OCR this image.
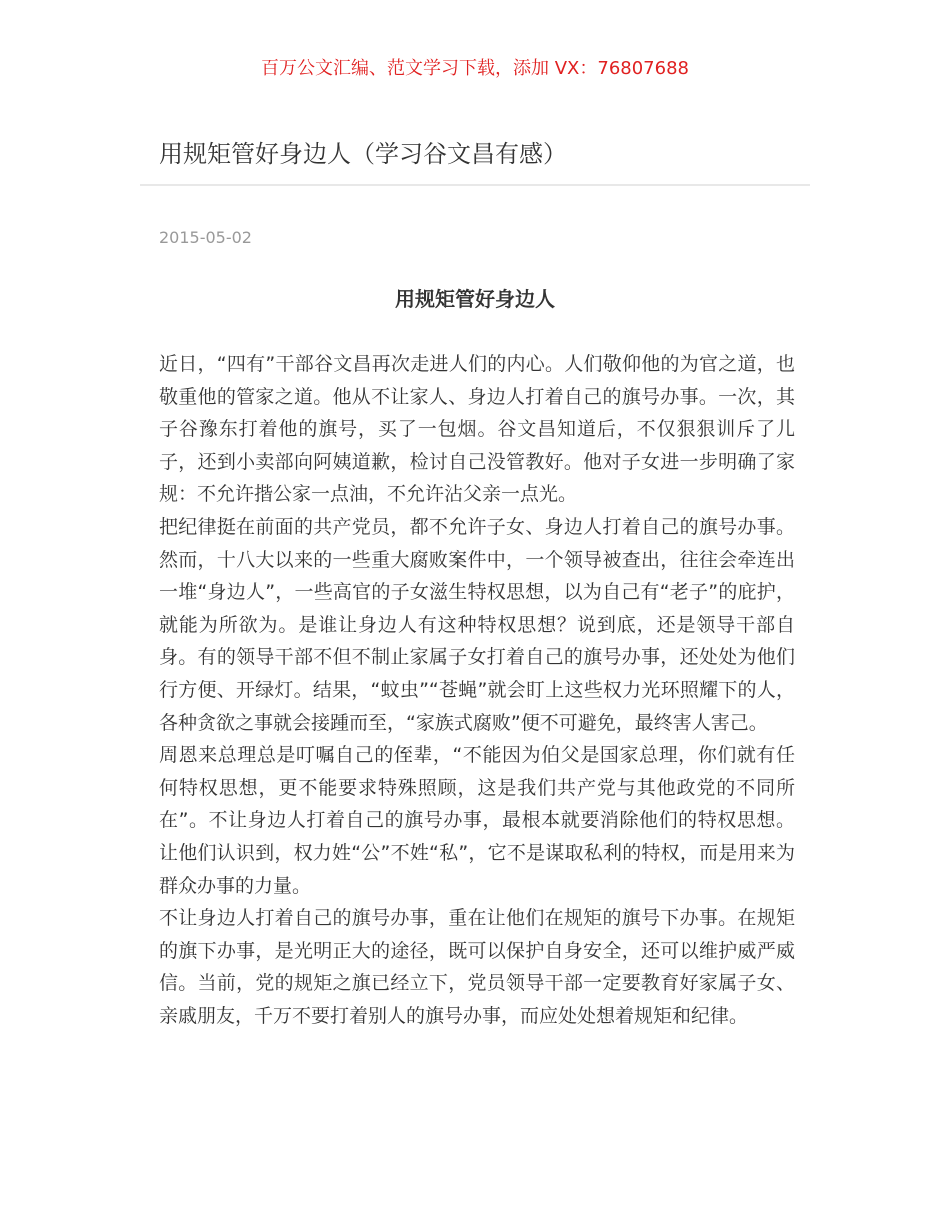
百万公文汇编、范文学习下载，添加 VX：76807688
用规矩管好身边人（学习谷文昌有感）
2015-05-02
用规矩管好身边人

近日，“四有”干部谷文昌再次走进人们的内心。人们敬仰他的为官之道，也敬重他的管家之道。他从不让家人、身边人打着自己的旗号办事。一次，其子谷豫东打着他的旗号，买了一包烟。谷文昌知道后，不仅狠狠训斥了儿子，还到小卖部向阿姨道歉，检讨自己没管教好。他对子女进一步明确了家规：不允许揩公家一点油，不允许沾父亲一点光。

把纪律挺在前面的共产党员，都不允许子女、身边人打着自己的旗号办事。然而，十八大以来的一些重大腐败案件中，一个领导被查出，往往会牵连出一堆“身边人”，一些高官的子女滋生特权思想，以为自己有“老子”的庇护，就能为所欲为。是谁让身边人有这种特权思想？说到底，还是领导干部自身。有的领导干部不但不制止家属子女打着自己的旗号办事，还处处为他们行方便、开绿灯。结果，“蚊虫”“苍蝇”就会盯上这些权力光环照耀下的人，各种贪欲之事就会接踵而至，“家族式腐败”便不可避免，最终害人害己。

周恩来总理总是叮嘱自己的侄辈，“不能因为伯父是国家总理，你们就有任何特权思想，更不能要求特殊照顾，这是我们共产党与其他政党的不同所在”。不让身边人打着自己的旗号办事，最根本就要消除他们的特权思想。让他们认识到，权力姓“公”不姓“私”，它不是谋取私利的特权，而是用来为群众办事的力量。

不让身边人打着自己的旗号办事，重在让他们在规矩的旗号下办事。在规矩的旗下办事，是光明正大的途径，既可以保护自身安全，还可以维护威严威信。当前，党的规矩之旗已经立下，党员领导干部一定要教育好家属子女、亲戚朋友，千万不要打着别人的旗号办事，而应处处想着规矩和纪律。
